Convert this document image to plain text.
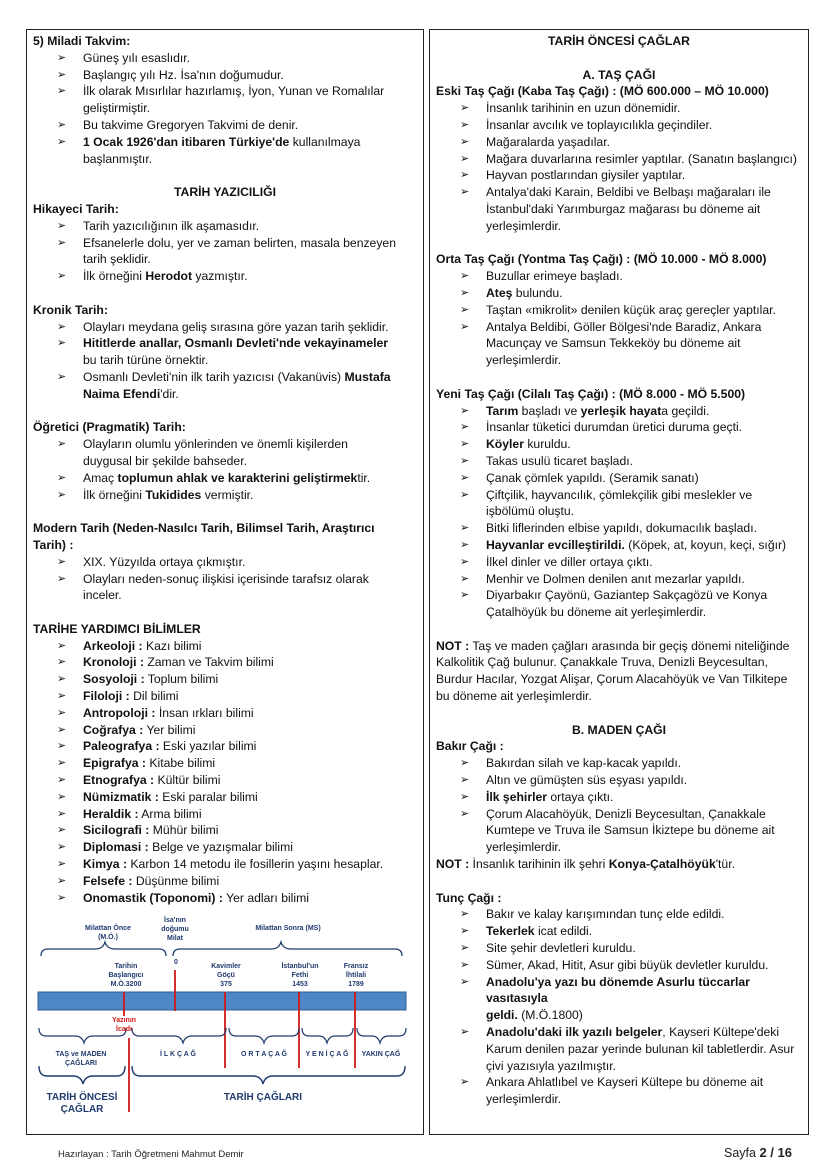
5) Miladi Takvim:
➢ Güneş yılı esaslıdır.
➢ Başlangıç yılı Hz. İsa'nın doğumudur.
➢ İlk olarak Mısırlılar hazırlamış, İyon, Yunan ve Romalılar
geliştirmiştir.
➢ Bu takvime Gregoryen Takvimi de denir.
➢ 1 Ocak 1926'dan itibaren Türkiye'de kullanılmaya
başlanmıştır.
TARİH YAZICILIĞI
Hikayeci Tarih:
➢ Tarih yazıcılığının ilk aşamasıdır.
➢ Efsanelerle dolu, yer ve zaman belirten, masala benzeyen
tarih şeklidir.
➢ İlk örneğini Herodot yazmıştır.
Kronik Tarih:
➢ Olayları meydana geliş sırasına göre yazan tarih şeklidir.
➢ Hititlerde anallar, Osmanlı Devleti'nde vekayinameler
bu tarih türüne örnektir.
➢ Osmanlı Devleti'nin ilk tarih yazıcısı (Vakanüvis) Mustafa
Naima Efendi'dir.
Öğretici (Pragmatik) Tarih:
➢ Olayların olumlu yönlerinden ve önemli kişilerden
duygusal bir şekilde bahseder.
➢ Amaç toplumun ahlak ve karakterini geliştirmektir.
➢ İlk örneğini Tukidides vermiştir.
Modern Tarih (Neden-Nasılcı Tarih, Bilimsel Tarih, Araştırıcı
Tarih) :
➢ XIX. Yüzyılda ortaya çıkmıştır.
➢ Olayları neden-sonuç ilişkisi içerisinde tarafsız olarak
inceler.
TARİHE YARDIMCI BİLİMLER
➢ Arkeoloji : Kazı bilimi
➢ Kronoloji : Zaman ve Takvim bilimi
➢ Sosyoloji : Toplum bilimi
➢ Filoloji : Dil bilimi
➢ Antropoloji : İnsan ırkları bilimi
➢ Coğrafya : Yer bilimi
➢ Paleografya : Eski yazılar bilimi
➢ Epigrafya : Kitabe bilimi
➢ Etnografya : Kültür bilimi
➢ Nümizmatik : Eski paralar bilimi
➢ Heraldik : Arma bilimi
➢ Sicilografi : Mühür bilimi
➢ Diplomasi : Belge ve yazışmalar bilimi
➢ Kimya : Karbon 14 metodu ile fosillerin yaşını hesaplar.
➢ Felsefe : Düşünme bilimi
➢ Onomastik (Toponomi) : Yer adları bilimi
Milattan Önce
(M.Ö.)
İsa'nın
doğumu
Milat
Milattan Sonra (MS)
0
Tarihin
Başlangıcı
M.Ö.3200
Kavimler
Göçü
375
İstanbul'un
Fethi
1453
Fransız
İhtilali
1789
Yazının
İcadı
TAŞ ve MADEN
ÇAĞLARI
İ L K Ç A Ğ	O R T A Ç A Ğ	Y E N İ Ç A Ğ	YAKIN ÇAĞ
TARİH ÖNCESİ
ÇAĞLAR
TARİH ÇAĞLARI
TARİH ÖNCESİ ÇAĞLAR
A. TAŞ ÇAĞI
Eski Taş Çağı (Kaba Taş Çağı) : (MÖ 600.000 – MÖ 10.000)
➢ İnsanlık tarihinin en uzun dönemidir.
➢ İnsanlar avcılık ve toplayıcılıkla geçindiler.
➢ Mağaralarda yaşadılar.
➢ Mağara duvarlarına resimler yaptılar. (Sanatın başlangıcı)
➢ Hayvan postlarından giysiler yaptılar.
➢ Antalya'daki Karain, Beldibi ve Belbaşı mağaraları ile
İstanbul'daki Yarımburgaz mağarası bu döneme ait
yerleşimlerdir.
Orta Taş Çağı (Yontma Taş Çağı) : (MÖ 10.000 - MÖ 8.000)
➢ Buzullar erimeye başladı.
➢ Ateş bulundu.
➢ Taştan «mikrolit» denilen küçük araç gereçler yaptılar.
➢ Antalya Beldibi, Göller Bölgesi'nde Baradiz, Ankara
Macunçay ve Samsun Tekkeköy bu döneme ait
yerleşimlerdir.
Yeni Taş Çağı (Cilalı Taş Çağı) : (MÖ 8.000 - MÖ 5.500)
➢ Tarım başladı ve yerleşik hayata geçildi.
➢ İnsanlar tüketici durumdan üretici duruma geçti.
➢ Köyler kuruldu.
➢ Takas usulü ticaret başladı.
➢ Çanak çömlek yapıldı. (Seramik sanatı)
➢ Çiftçilik, hayvancılık, çömlekçilik gibi meslekler ve
işbölümü oluştu.
➢ Bitki liflerinden elbise yapıldı, dokumacılık başladı.
➢ Hayvanlar evcilleştirildi. (Köpek, at, koyun, keçi, sığır)
➢ İlkel dinler ve diller ortaya çıktı.
➢ Menhir ve Dolmen denilen anıt mezarlar yapıldı.
➢ Diyarbakır Çayönü, Gaziantep Sakçagözü ve Konya
Çatalhöyük bu döneme ait yerleşimlerdir.
NOT : Taş ve maden çağları arasında bir geçiş dönemi niteliğinde
Kalkolitik Çağ bulunur. Çanakkale Truva, Denizli Beycesultan,
Burdur Hacılar, Yozgat Alişar, Çorum Alacahöyük ve Van Tilkitepe
bu döneme ait yerleşimlerdir.
B. MADEN ÇAĞI
Bakır Çağı :
➢ Bakırdan silah ve kap-kacak yapıldı.
➢ Altın ve gümüşten süs eşyası yapıldı.
➢ İlk şehirler ortaya çıktı.
➢ Çorum Alacahöyük, Denizli Beycesultan, Çanakkale
Kumtepe ve Truva ile Samsun İkiztepe bu döneme ait
yerleşimlerdir.
NOT : İnsanlık tarihinin ilk şehri Konya-Çatalhöyük'tür.
Tunç Çağı :
➢ Bakır ve kalay karışımından tunç elde edildi.
➢ Tekerlek icat edildi.
➢ Site şehir devletleri kuruldu.
➢ Sümer, Akad, Hitit, Asur gibi büyük devletler kuruldu.
➢ Anadolu'ya yazı bu dönemde Asurlu tüccarlar vasıtasıyla
geldi. (M.Ö.1800)
➢ Anadolu'daki ilk yazılı belgeler, Kayseri Kültepe'deki
Karum denilen pazar yerinde bulunan kil tabletlerdir. Asur
çivi yazısıyla yazılmıştır.
➢ Ankara Ahlatlıbel ve Kayseri Kültepe bu döneme ait
yerleşimlerdir.
Hazırlayan : Tarih Öğretmeni Mahmut Demir	Sayfa 2 / 16
